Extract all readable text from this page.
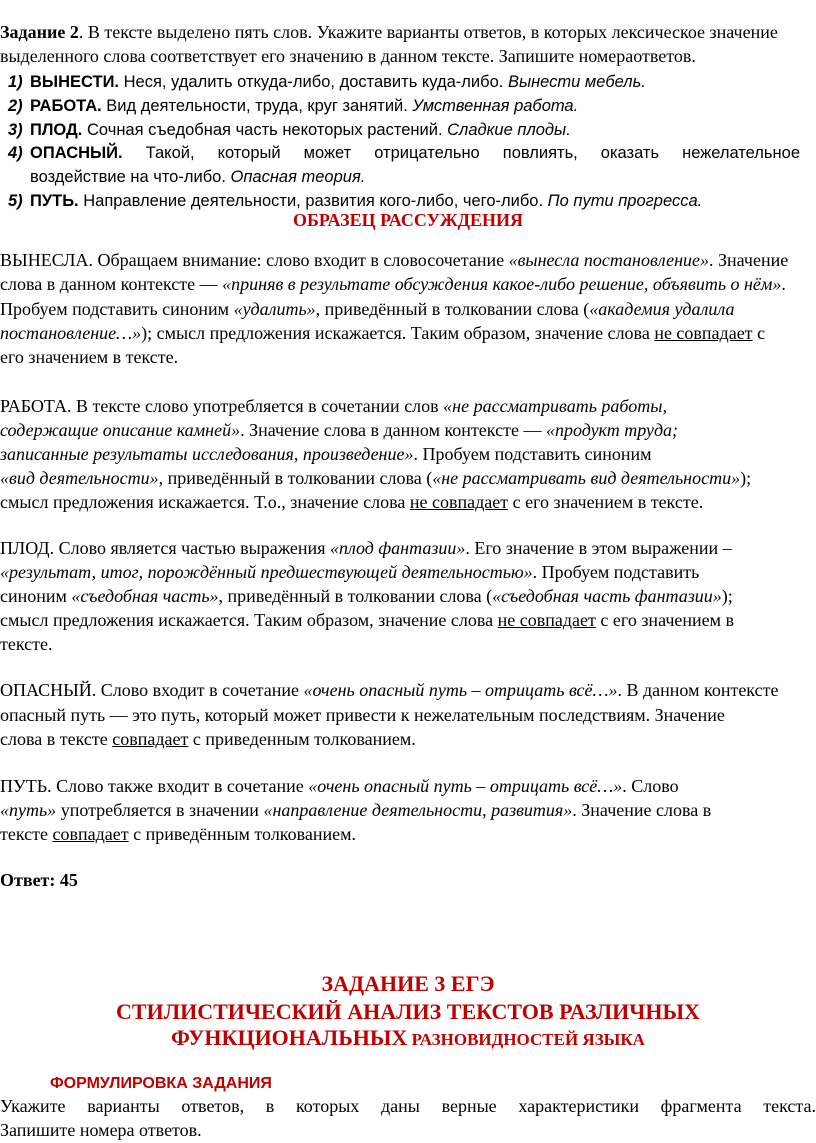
Задание 2. В тексте выделено пять слов. Укажите варианты ответов, в которых лексическое значение
выделенного слова соответствует его значению в данном тексте. Запишите номераответов.
1) ВЫНЕСТИ. Неся, удалить откуда-либо, доставить куда-либо. Вынести мебель.
2) РАБОТА. Вид деятельности, труда, круг занятий. Умственная работа.
3) ПЛОД. Сочная съедобная часть некоторых растений. Сладкие плоды.
4) ОПАСНЫЙ. Такой, который может отрицательно повлиять, оказать нежелательное
воздействие на что-либо. Опасная теория.
5) ПУТЬ. Направление деятельности, развития кого-либо, чего-либо. По пути прогресса.
ОБРАЗЕЦ РАССУЖДЕНИЯ
ВЫНЕСЛА. Обращаем внимание: слово входит в словосочетание «вынесла постановление». Значение
слова в данном контексте — «приняв в результате обсуждения какое-либо решение, объявить о нём».
Пробуем подставить синоним «удалить», приведённый в толковании слова («академия удалила
постановление…»); смысл предложения искажается. Таким образом, значение слова не совпадает с
его значением в тексте.
РАБОТА. В тексте слово употребляется в сочетании слов «не рассматривать работы,
содержащие описание камней». Значение слова в данном контексте — «продукт труда;
записанные результаты исследования, произведение». Пробуем подставить синоним
«вид деятельности», приведённый в толковании слова («не рассматривать вид деятельности»);
смысл предложения искажается. Т.о., значение слова не совпадает с его значением в тексте.
ПЛОД. Слово является частью выражения «плод фантазии». Его значение в этом выражении –
«результат, итог, порождённый предшествующей деятельностью». Пробуем подставить
синоним «съедобная часть», приведённый в толковании слова («съедобная часть фантазии»);
смысл предложения искажается. Таким образом, значение слова не совпадает с его значением в
тексте.
ОПАСНЫЙ. Слово входит в сочетание «очень опасный путь – отрицать всё…». В данном контексте
опасный путь — это путь, который может привести к нежелательным последствиям. Значение
слова в тексте совпадает с приведенным толкованием.
ПУТЬ. Слово также входит в сочетание «очень опасный путь – отрицать всё…». Слово
«путь» употребляется в значении «направление деятельности, развития». Значение слова в
тексте совпадает с приведённым толкованием.
Ответ: 45
ЗАДАНИЕ 3 ЕГЭ
СТИЛИСТИЧЕСКИЙ АНАЛИЗ ТЕКСТОВ РАЗЛИЧНЫХ
ФУНКЦИОНАЛЬНЫХ РАЗНОВИДНОСТЕЙ ЯЗЫКА
ФОРМУЛИРОВКА ЗАДАНИЯ
Укажите варианты ответов, в которых даны верные характеристики фрагмента текста.
Запишите номера ответов.
